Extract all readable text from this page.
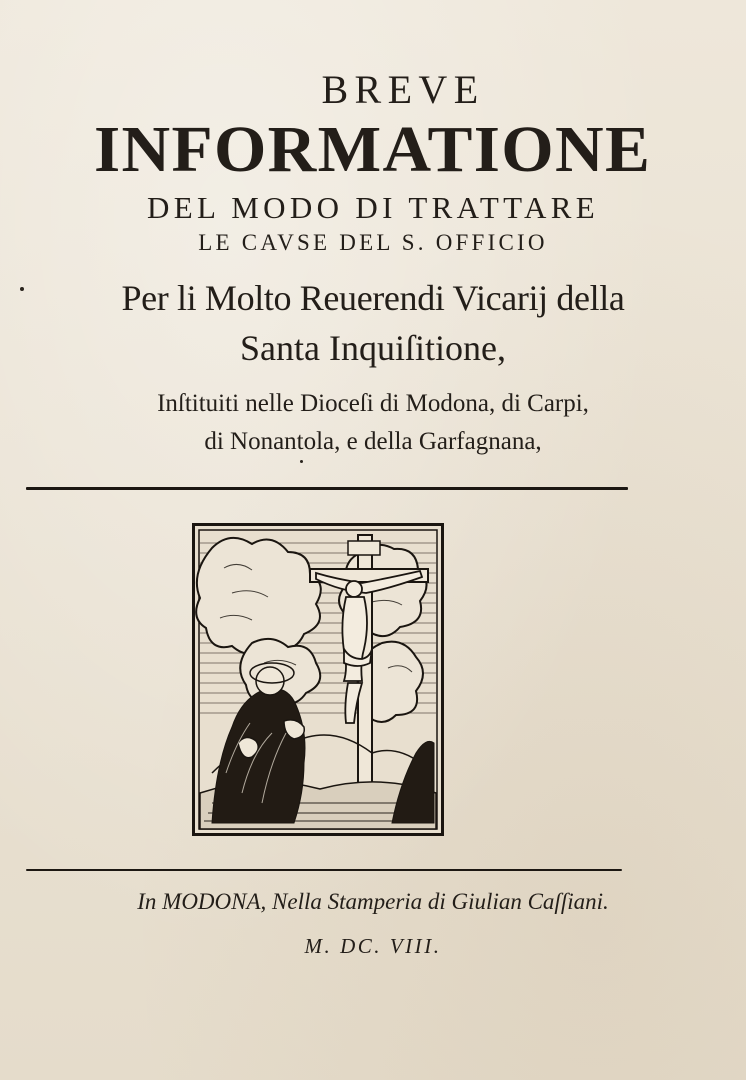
BREVE
INFORMATIONE
DEL MODO DI TRATTARE
LE CAVSE DEL S. OFFICIO
Per li Molto Reuerendi Vicarij della
Santa Inquiſitione,
Inſtituiti nelle Dioceſi di Modona, di Carpi,
di Nonantola, e della Garfagnana,
In MODONA, Nella Stamperia di Giulian Caſſiani.
M. DC. VIII.
